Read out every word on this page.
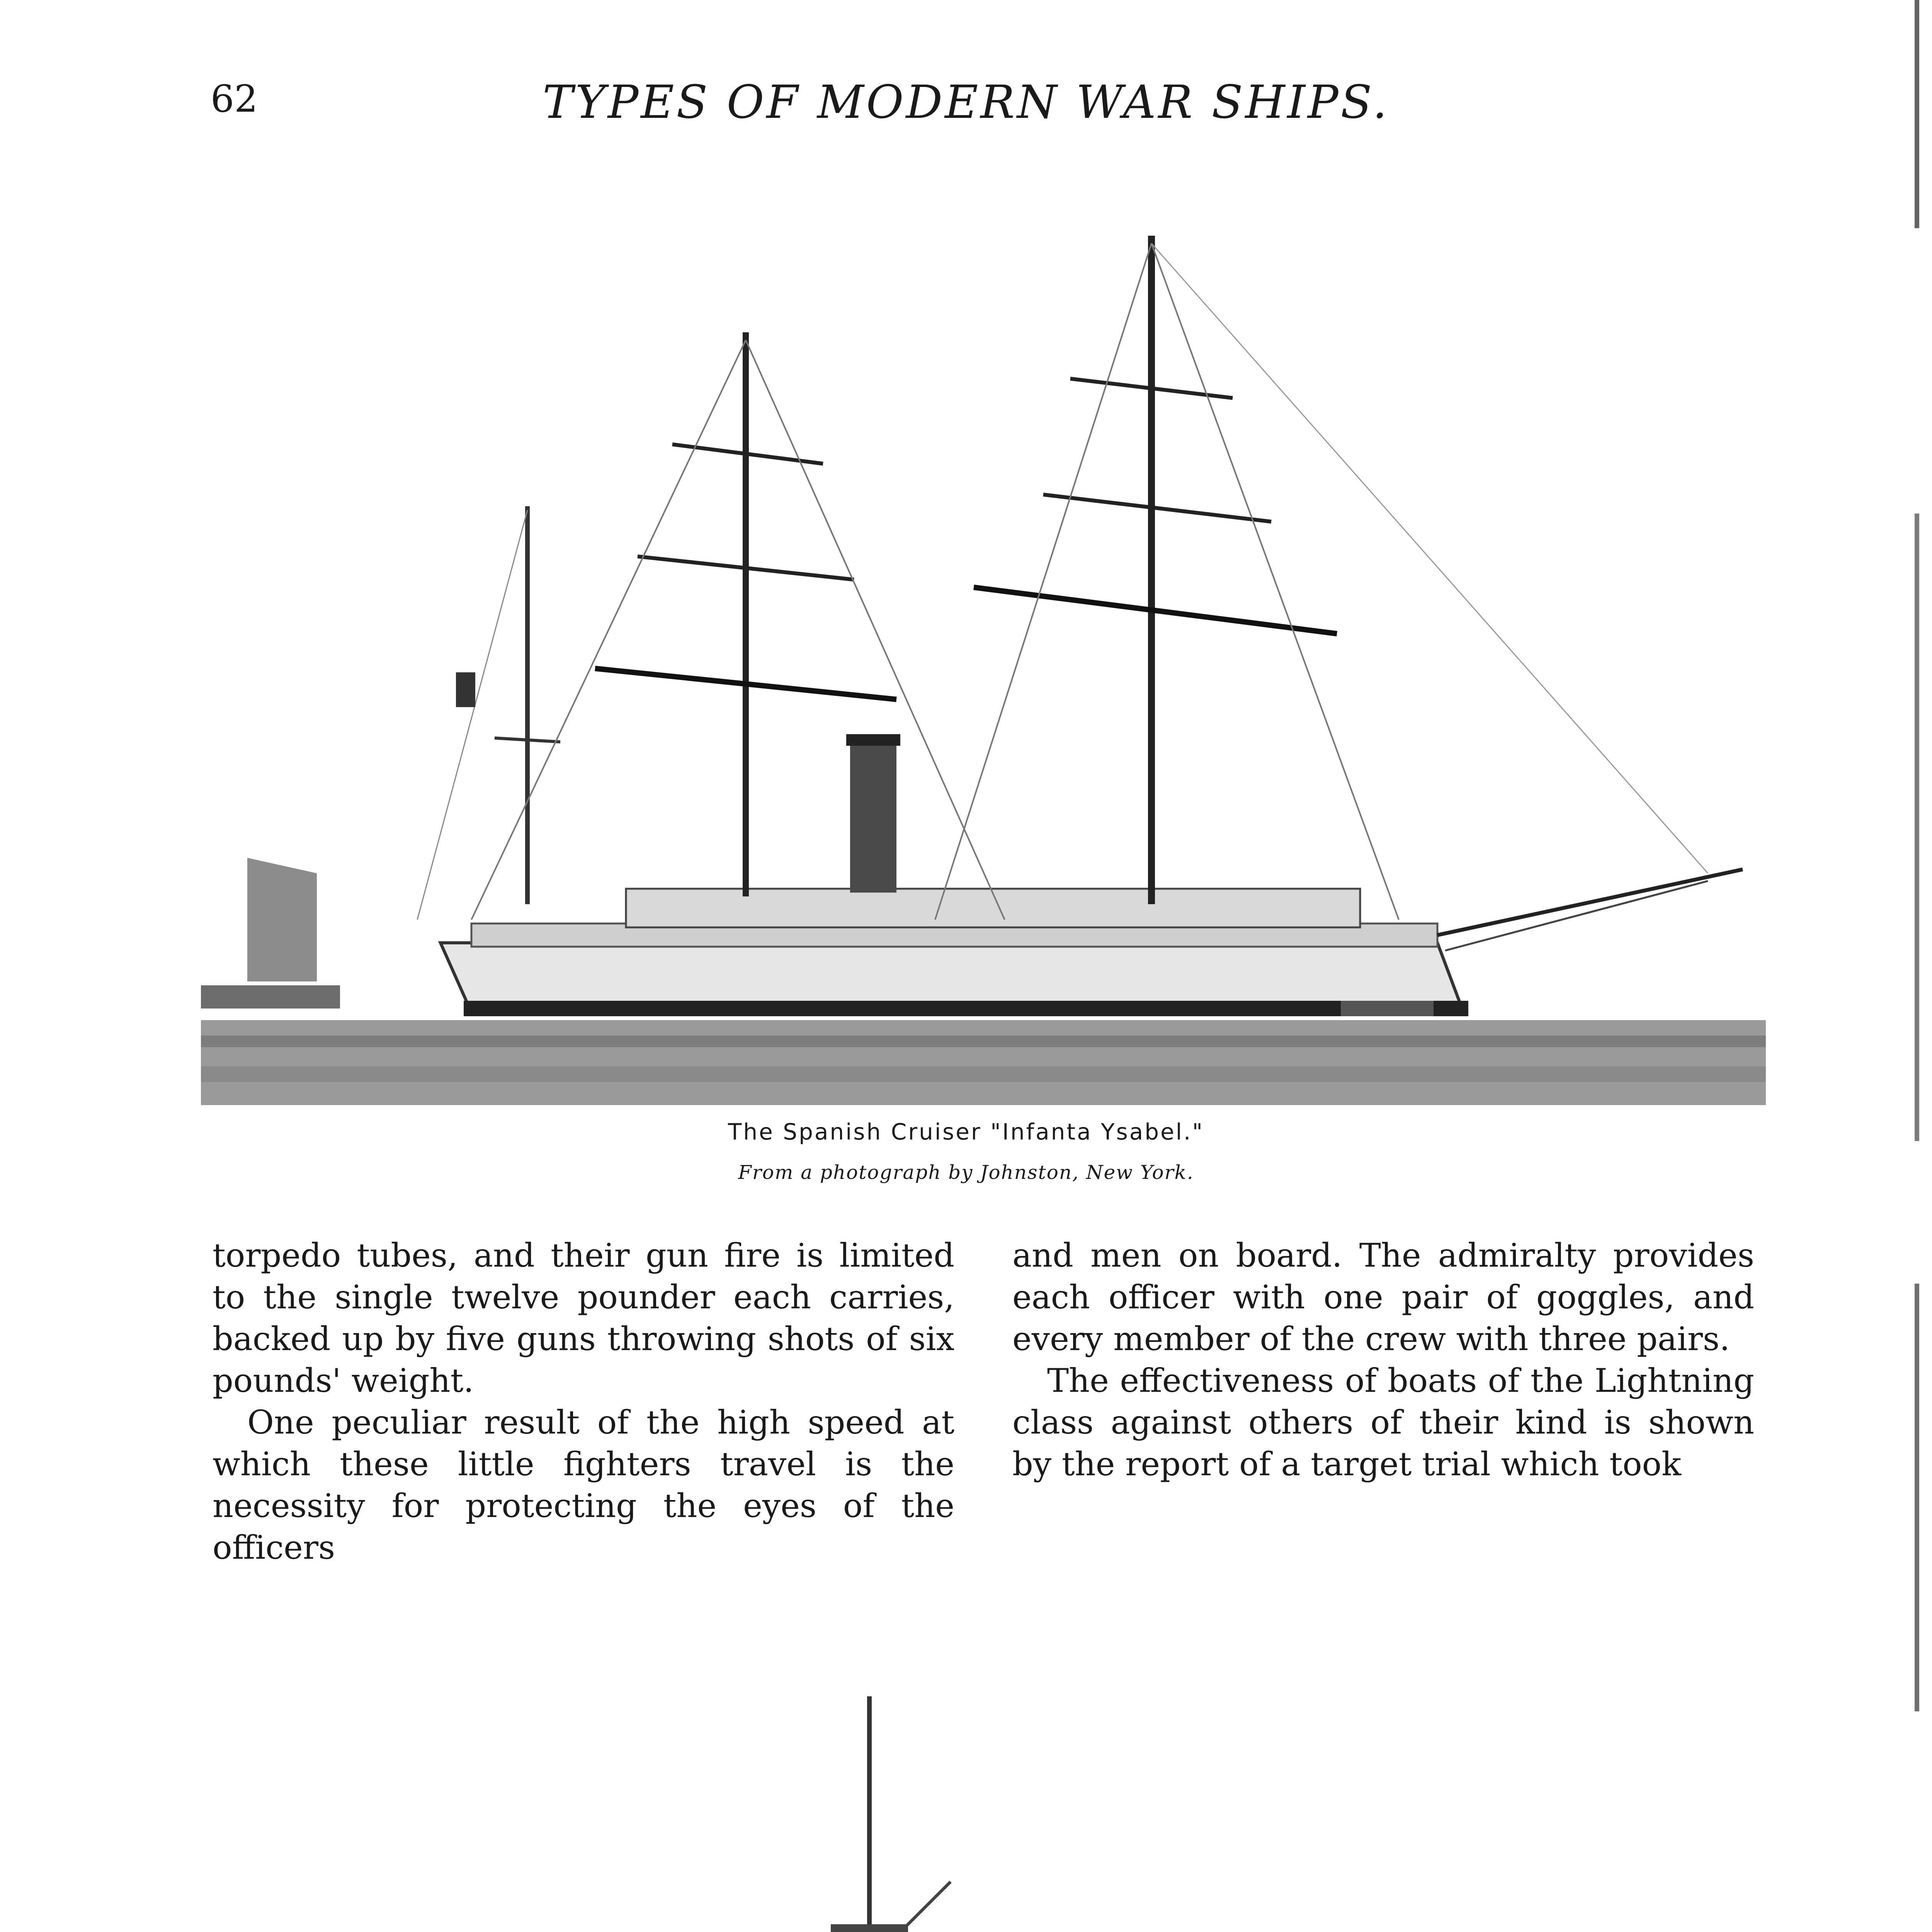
62	TYPES OF MODERN WAR SHIPS.
The Spanish Cruiser "Infanta Ysabel."
From a photograph by Johnston, New York.

torpedo tubes, and their gun fire is limited to the single twelve pounder each carries, backed up by five guns throwing shots of six pounds' weight.

One peculiar result of the high speed at which these little fighters travel is the necessity for protecting the eyes of the officers

and men on board. The admiralty provides each officer with one pair of goggles, and every member of the crew with three pairs.

The effectiveness of boats of the Lightning class against others of their kind is shown by the report of a target trial which took
